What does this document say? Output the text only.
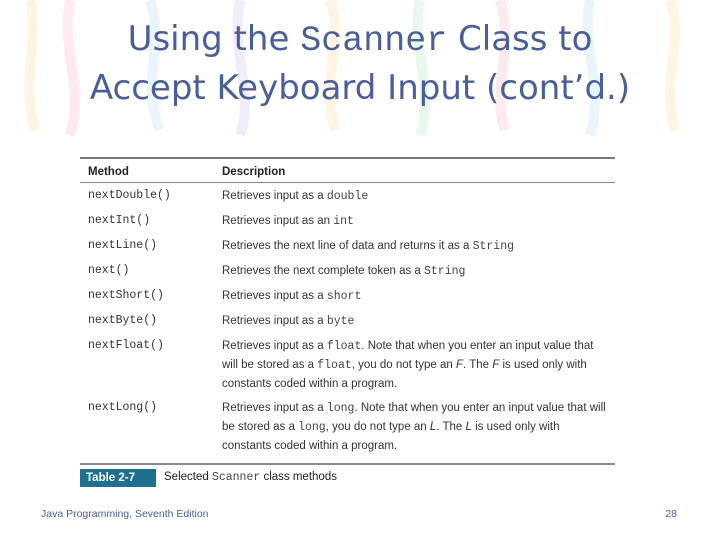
Using the Scanner Class to
Accept Keyboard Input (cont’d.)
Method	Description
nextDouble()	Retrieves input as a double
nextInt()	Retrieves input as an int
nextLine()	Retrieves the next line of data and returns it as a String
next()	Retrieves the next complete token as a String
nextShort()	Retrieves input as a short
nextByte()	Retrieves input as a byte
nextFloat()	Retrieves input as a float. Note that when you enter an input value that will be stored as a float, you do not type an F. The F is used only with constants coded within a program.
nextLong()	Retrieves input as a long. Note that when you enter an input value that will be stored as a long, you do not type an L. The L is used only with constants coded within a program.
Table 2-7	Selected Scanner class methods
Java Programming, Seventh Edition	28
